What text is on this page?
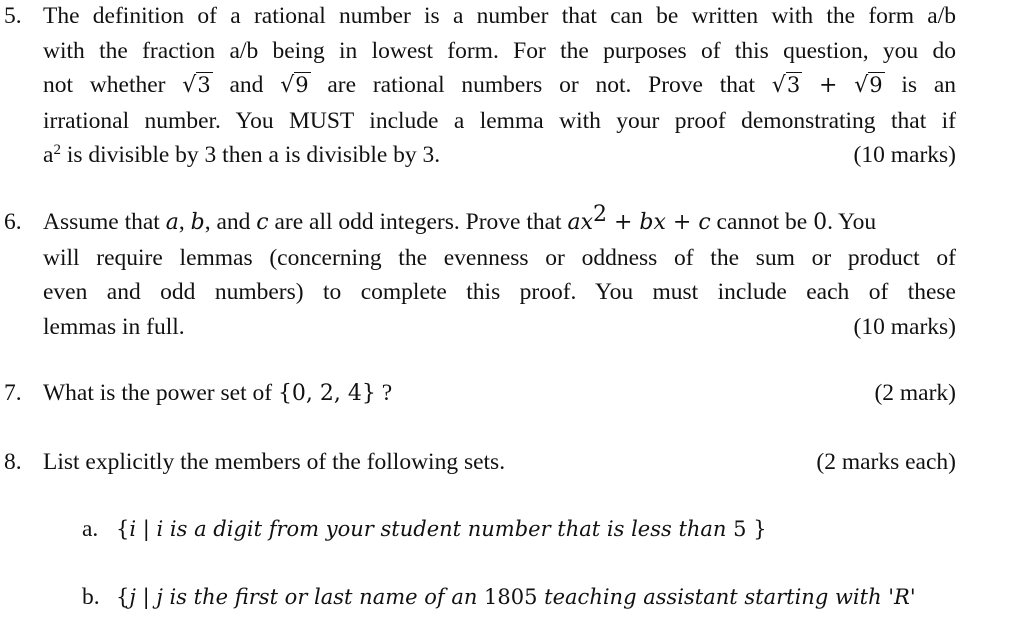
5. The definition of a rational number is a number that can be written with the form a/b
with the fraction a/b being in lowest form. For the purposes of this question, you do
not whether √3 and √9 are rational numbers or not. Prove that √3 + √9 is an
irrational number. You MUST include a lemma with your proof demonstrating that if
$a^2$ is divisible by 3 then a is divisible by 3.	(10 marks)
6. Assume that a, b, and c are all odd integers. Prove that $ax^2$ + bx + c cannot be 0. You
will require lemmas (concerning the evenness or oddness of the sum or product of
even and odd numbers) to complete this proof. You must include each of these
lemmas in full.	(10 marks)
7. What is the power set of {0, 2, 4} ?	(2 mark)
8. List explicitly the members of the following sets.	(2 marks each)
a. {i | i is a digit from your student number that is less than 5 }
b. {j | j is the first or last name of an 1805 teaching assistant starting with 'R'
